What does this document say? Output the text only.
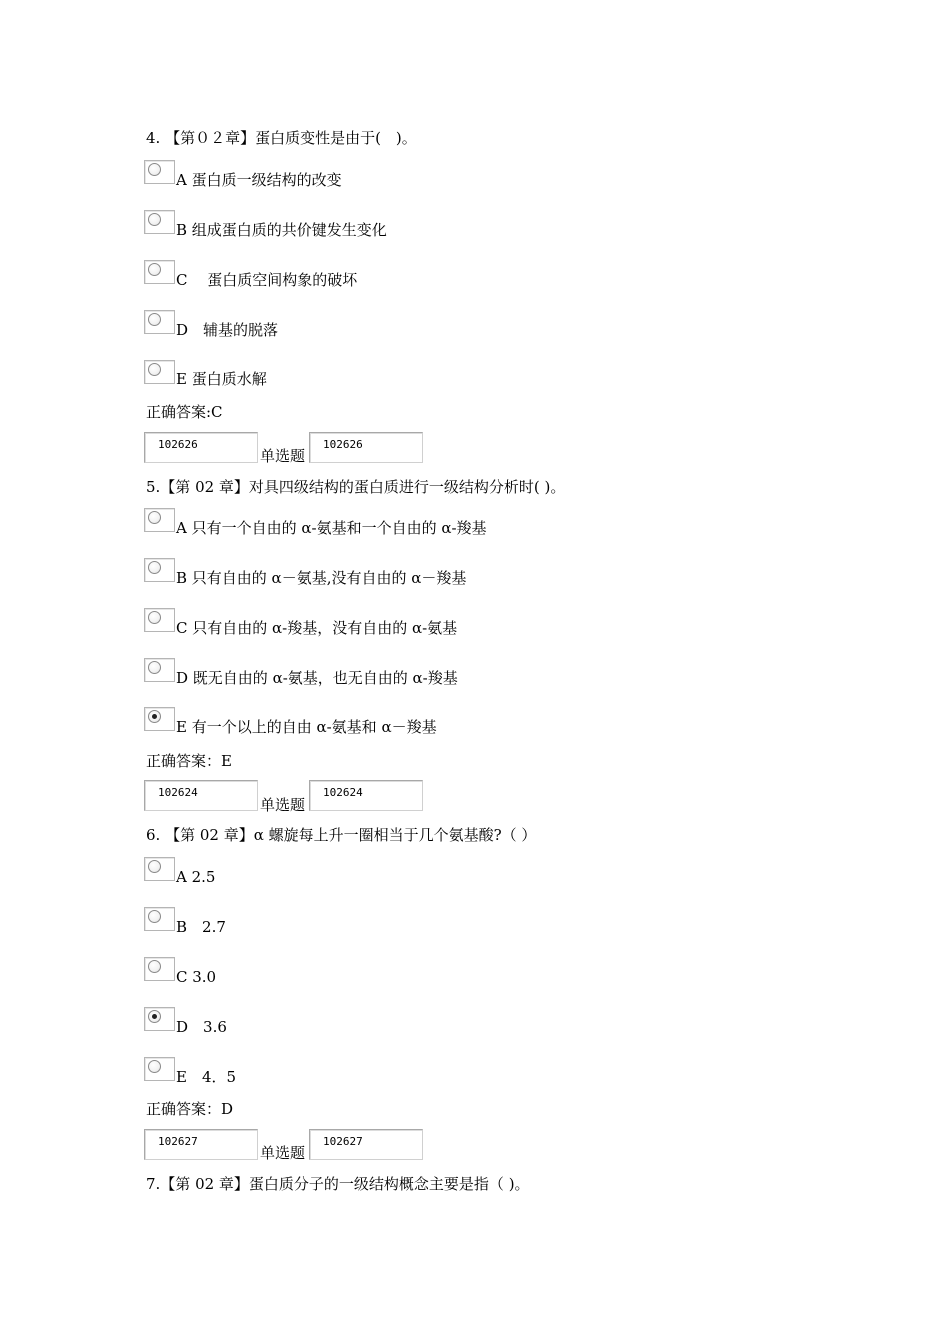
4. 【第０２章】蛋白质变性是由于(　)。
A 蛋白质一级结构的改变
B 组成蛋白质的共价键发生变化
C　 蛋白质空间构象的破坏
D　辅基的脱落
E 蛋白质水解
正确答案:C
102626
单选题
102626
5.【第 02 章】对具四级结构的蛋白质进行一级结构分析时( )。
A 只有一个自由的 α-氨基和一个自由的 α-羧基
B 只有自由的 α－氨基,没有自由的 α－羧基
C 只有自由的 α-羧基，没有自由的 α-氨基
D 既无自由的 α-氨基，也无自由的 α-羧基
E 有一个以上的自由 α-氨基和 α－羧基
正确答案：E
102624
单选题
102624
6. 【第 02 章】α 螺旋每上升一圈相当于几个氨基酸?（ ）
A 2.5
B　2.7
C 3.0
D　3.6
E　4．5
正确答案：D
102627
单选题
102627
7.【第 02 章】蛋白质分子的一级结构概念主要是指（ )。
